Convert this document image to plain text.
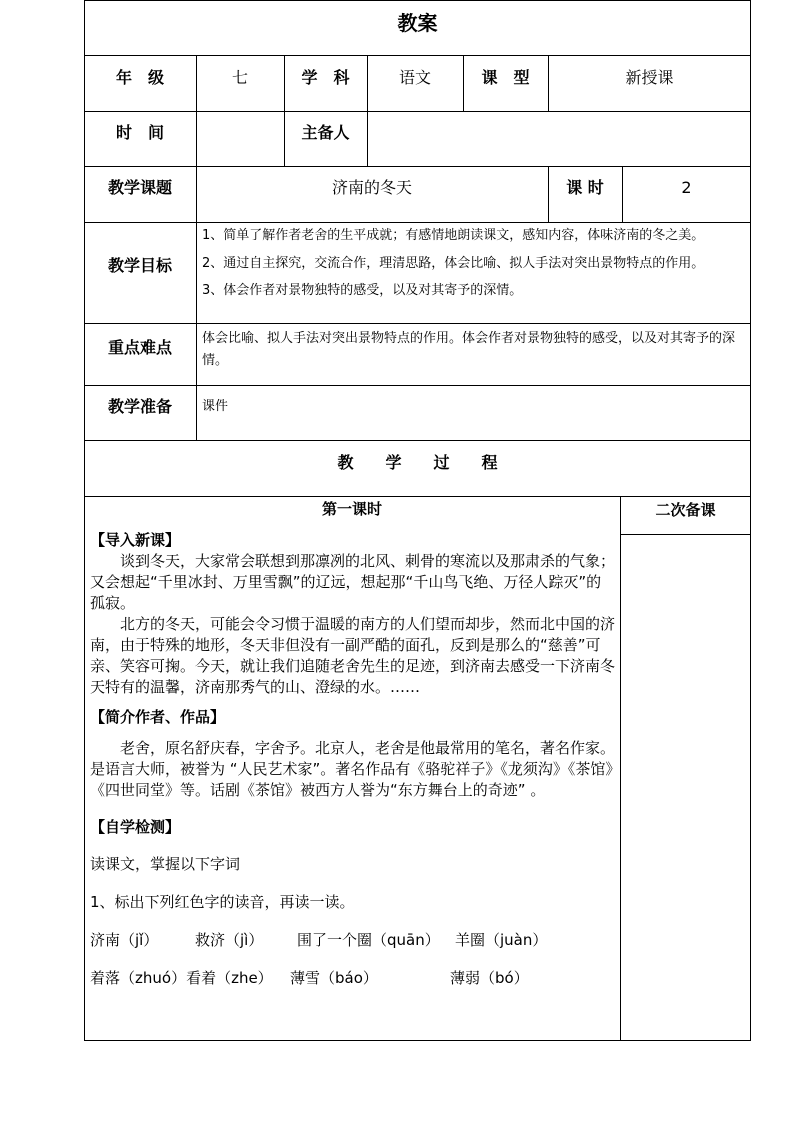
教案
年　级	七	学　科	语文	课　型	新授课
时　间	主备人
教学课题	济南的冬天	课 时	2
教学目标

1、简单了解作者老舍的生平成就；有感情地朗读课文，感知内容，体味济南的冬之美。

2、通过自主探究，交流合作，理清思路，体会比喻、拟人手法对突出景物特点的作用。

3、体会作者对景物独特的感受，以及对其寄予的深情。

重点难点	体会比喻、拟人手法对突出景物特点的作用。体会作者对景物独特的感受，以及对其寄予的深情。
教学准备	课件
教　　学　　过　　程
第一课时	二次备课

【导入新课】

谈到冬天，大家常会联想到那凛冽的北风、刺骨的寒流以及那肃杀的气象；又会想起“千里冰封、万里雪飘”的辽远，想起那“千山鸟飞绝、万径人踪灭”的孤寂。

北方的冬天，可能会令习惯于温暖的南方的人们望而却步，然而北中国的济南，由于特殊的地形，冬天非但没有一副严酷的面孔，反到是那么的“慈善”可亲、笑容可掬。今天，就让我们追随老舍先生的足迹，到济南去感受一下济南冬天特有的温馨，济南那秀气的山、澄绿的水。……

【简介作者、作品】

老舍，原名舒庆春，字舍予。北京人，老舍是他最常用的笔名，著名作家。是语言大师，被誉为 “人民艺术家”。著名作品有《骆驼祥子》《龙须沟》《茶馆》《四世同堂》等。话剧《茶馆》被西方人誉为“东方舞台上的奇迹” 。

【自学检测】

读课文，掌握以下字词

1、标出下列红色字的读音，再读一读。

济南（jǐ）	救济（jì）	围了一个圈（quān）	羊圈（juàn）
着落（zhuó）看着（zhe）	薄雪（báo）	薄弱（bó）
